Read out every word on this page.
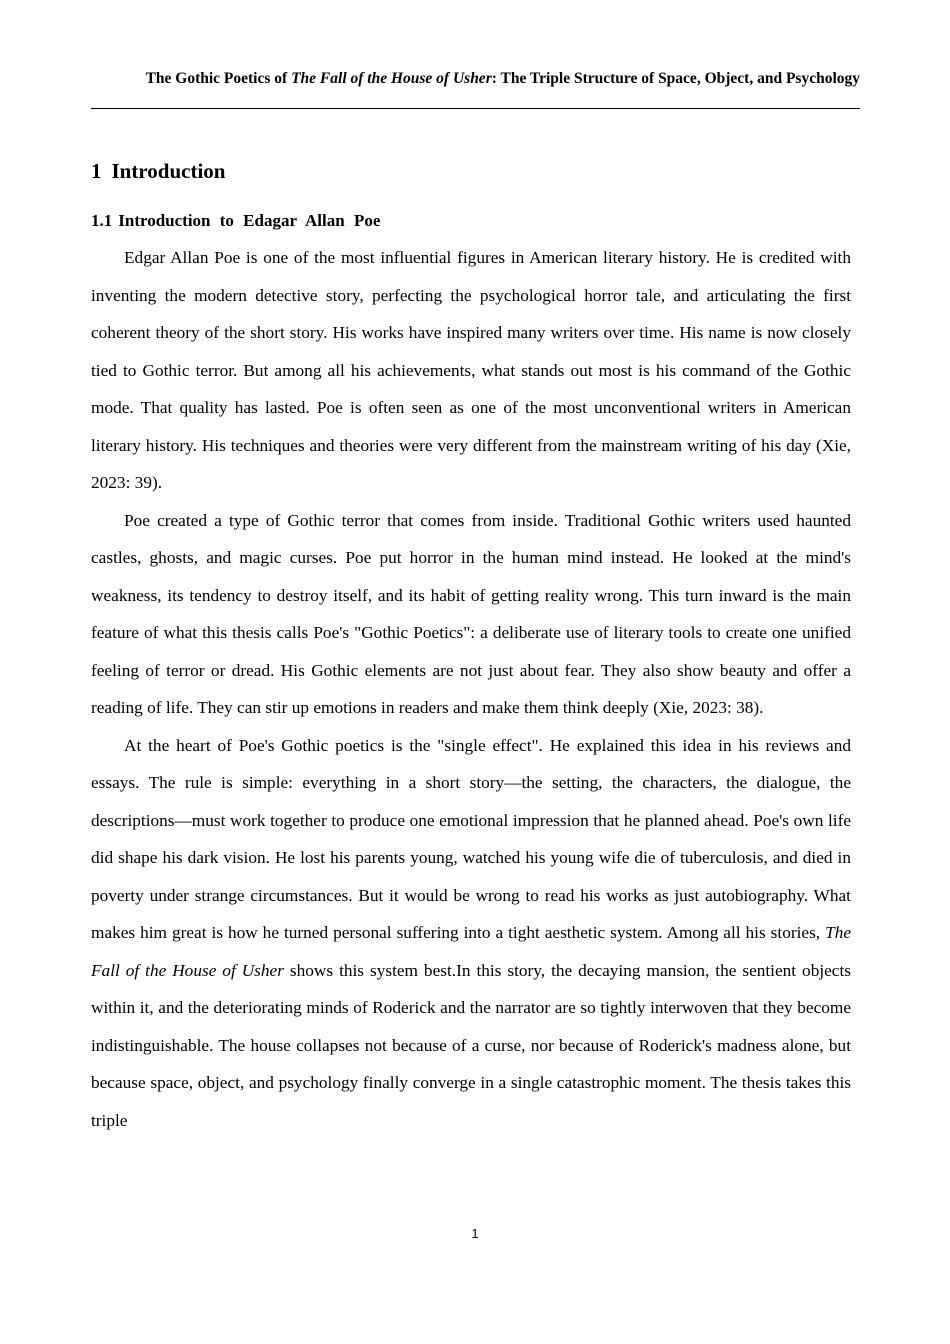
The Gothic Poetics of The Fall of the House of Usher: The Triple Structure of Space, Object, and Psychology
1 Introduction
1.1 Introduction to Edagar Allan Poe

Edgar Allan Poe is one of the most influential figures in American literary history. He is credited with inventing the modern detective story, perfecting the psychological horror tale, and articulating the first coherent theory of the short story. His works have inspired many writers over time. His name is now closely tied to Gothic terror. But among all his achievements, what stands out most is his command of the Gothic mode. That quality has lasted. Poe is often seen as one of the most unconventional writers in American literary history. His techniques and theories were very different from the mainstream writing of his day (Xie, 2023: 39).

Poe created a type of Gothic terror that comes from inside. Traditional Gothic writers used haunted castles, ghosts, and magic curses. Poe put horror in the human mind instead. He looked at the mind's weakness, its tendency to destroy itself, and its habit of getting reality wrong. This turn inward is the main feature of what this thesis calls Poe's "Gothic Poetics": a deliberate use of literary tools to create one unified feeling of terror or dread. His Gothic elements are not just about fear. They also show beauty and offer a reading of life. They can stir up emotions in readers and make them think deeply (Xie, 2023: 38).

At the heart of Poe's Gothic poetics is the "single effect". He explained this idea in his reviews and essays. The rule is simple: everything in a short story—the setting, the characters, the dialogue, the descriptions—must work together to produce one emotional impression that he planned ahead. Poe's own life did shape his dark vision. He lost his parents young, watched his young wife die of tuberculosis, and died in poverty under strange circumstances. But it would be wrong to read his works as just autobiography. What makes him great is how he turned personal suffering into a tight aesthetic system. Among all his stories, The Fall of the House of Usher shows this system best.In this story, the decaying mansion, the sentient objects within it, and the deteriorating minds of Roderick and the narrator are so tightly interwoven that they become indistinguishable. The house collapses not because of a curse, nor because of Roderick's madness alone, but because space, object, and psychology finally converge in a single catastrophic moment. The thesis takes this triple

1
